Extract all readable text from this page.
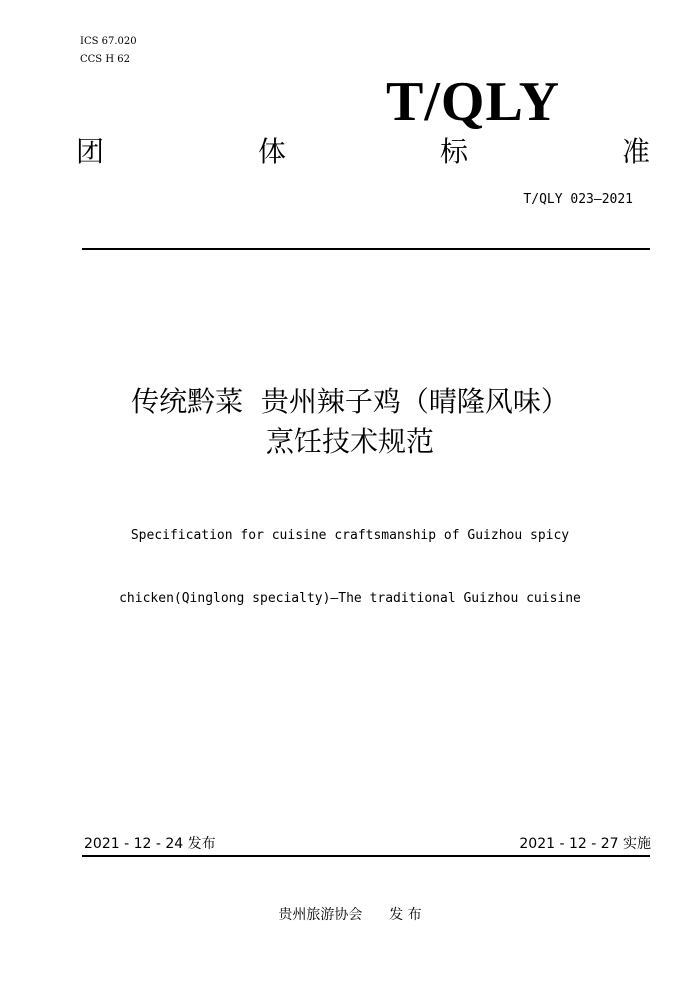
ICS 67.020
CCS H 62
T/QLY
团	体	标	准
T/QLY 023—2021
传统黔菜  贵州辣子鸡（晴隆风味）
烹饪技术规范

Specification for cuisine craftsmanship of Guizhou spicy

chicken(Qinglong specialty)—The traditional Guizhou cuisine

2021 - 12 - 24 发布	2021 - 12 - 27 实施
贵州旅游协会      发 布
